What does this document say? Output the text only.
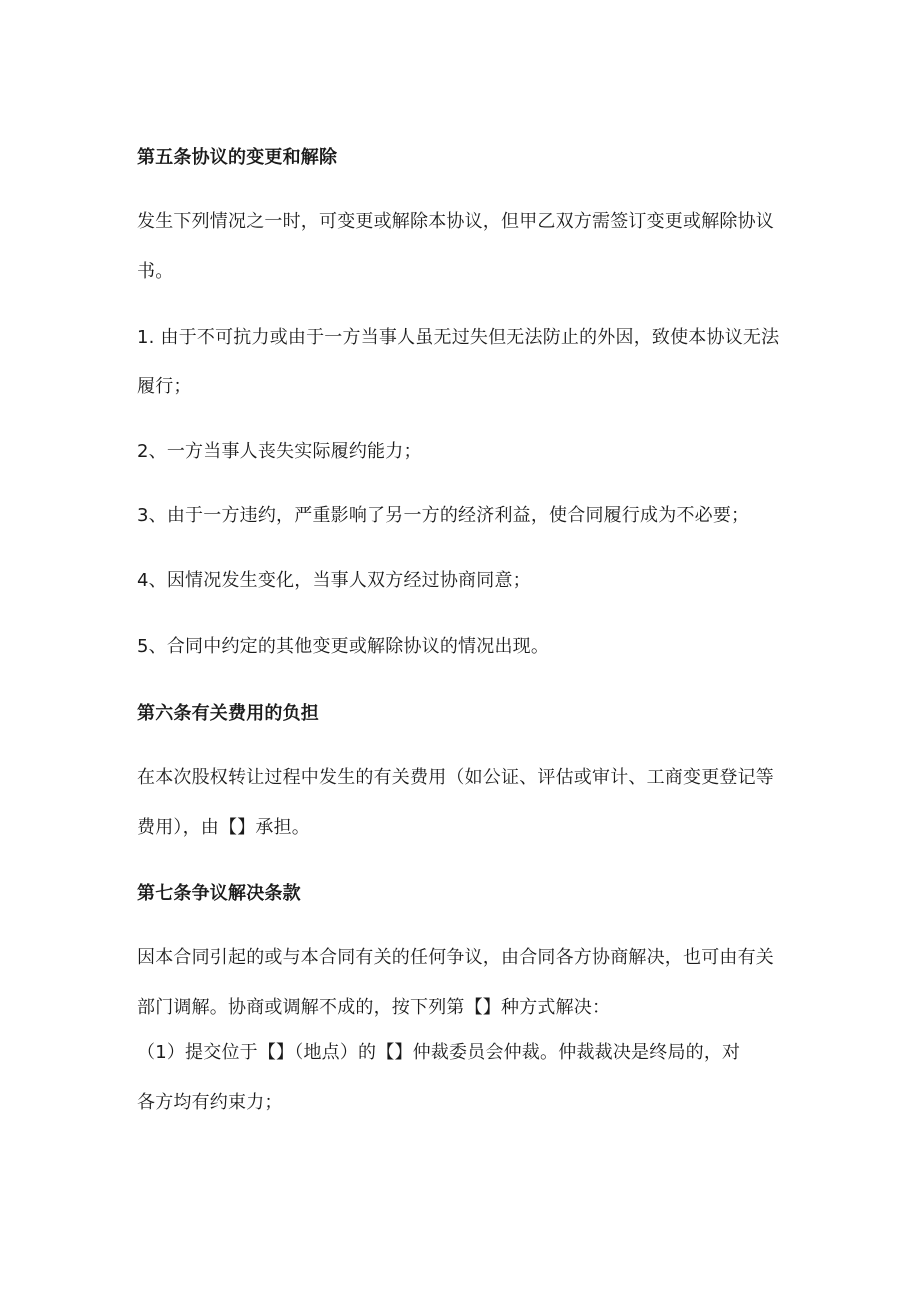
第五条协议的变更和解除
发生下列情况之一时，可变更或解除本协议，但甲乙双方需签订变更或解除协议
书。
1. 由于不可抗力或由于一方当事人虽无过失但无法防止的外因，致使本协议无法
履行；
2、一方当事人丧失实际履约能力；
3、由于一方违约，严重影响了另一方的经济利益，使合同履行成为不必要；
4、因情况发生变化，当事人双方经过协商同意；
5、合同中约定的其他变更或解除协议的情况出现。
第六条有关费用的负担
在本次股权转让过程中发生的有关费用（如公证、评估或审计、工商变更登记等
费用），由【】承担。
第七条争议解决条款
因本合同引起的或与本合同有关的任何争议，由合同各方协商解决，也可由有关
部门调解。协商或调解不成的，按下列第【】种方式解决：
（1）提交位于【】（地点）的【】仲裁委员会仲裁。仲裁裁决是终局的，对
各方均有约束力；
